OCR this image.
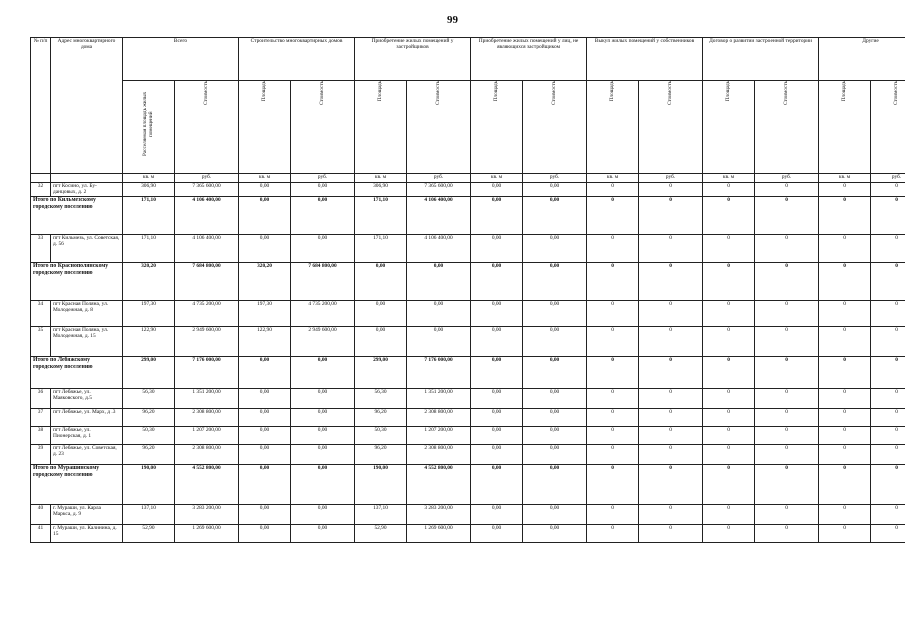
99
№ п/п	Адрес многоквартирного дома	Всего		Строительство многоквартирных домов		Приобретение жилых помещений у застройщиков		Приобретение жилых помещений у лиц, не являющихся застройщиком		Выкуп жилых помещений у собственников		Договор о развитии застроенной территории		Другие	

		Расселяемая площадь жилых помещений	Стоимость	Площадь	Стоимость	Площадь	Стоимость	Площадь	Стоимость	Площадь	Стоимость	Площадь	Стоимость	Площадь	Стоимость

		кв. м	руб.	кв. м	руб.	кв. м	руб.	кв. м	руб.	кв. м	руб.	кв. м	руб.	кв. м	руб.
32	пгт Косино, ул. Бу- данцовых, д. 2	306,90	7 365 600,00	0,00	0,00	306,90	7 365 600,00	0,00	0,00	0	0	0	0	0	0
Итого по Кильмезскому городскому поселению		171,10	4 106 400,00	0,00	0,00	171,10	4 106 400,00	0,00	0,00	0	0	0	0	0	0
33	пгт Кильмезь, ул. Советская, д. 56	171,10	4 106 400,00	0,00	0,00	171,10	4 106 400,00	0,00	0,00	0	0	0	0	0	0
Итого по Краснополянскому городскому поселению		320,20	7 684 800,00	320,20	7 684 800,00	0,00	0,00	0,00	0,00	0	0	0	0	0	0
34	пгт Красная Поляна, ул. Молодежная, д. 8	197,30	4 735 200,00	197,30	4 735 200,00	0,00	0,00	0,00	0,00	0	0	0	0	0	0
35	пгт Красная Поляна, ул. Молодежная, д. 15	122,90	2 949 600,00	122,90	2 949 600,00	0,00	0,00	0,00	0,00	0	0	0	0	0	0
Итого по Лебяжскому городскому поселению		299,00	7 176 000,00	0,00	0,00	299,00	7 176 000,00	0,00	0,00	0	0	0	0	0	0
36	пгт Лебяжье, ул. Маяковского, д.5	56,30	1 351 200,00	0,00	0,00	56,30	1 351 200,00	0,00	0,00	0	0	0	0	0	0
37	пгт Лебяжье, ул. Марх, д .3	96,20	2 308 800,00	0,00	0,00	96,20	2 308 800,00	0,00	0,00	0	0	0	0	0	0
38	пгт Лебяжье, ул. Пионерская, д. 1	50,30	1 207 200,00	0,00	0,00	50,30	1 207 200,00	0,00	0,00	0	0	0	0	0	0
39	пгт Лебяжье, ул. Советская, д. 23	96,20	2 308 800,00	0,00	0,00	96,20	2 308 800,00	0,00	0,00	0	0	0	0	0	0
Итого по Мурашинскому городскому поселению		190,00	4 552 800,00	0,00	0,00	190,00	4 552 800,00	0,00	0,00	0	0	0	0	0	0
40	г. Мураши, ул. Карла Маркса, д. 9	137,10	3 283 200,00	0,00	0,00	137,10	3 283 200,00	0,00	0,00	0	0	0	0	0	0
41	г. Мураши, ул. Калинина, д. 15	52,90	1 269 600,00	0,00	0,00	52,90	1 269 600,00	0,00	0,00	0	0	0	0	0	0
